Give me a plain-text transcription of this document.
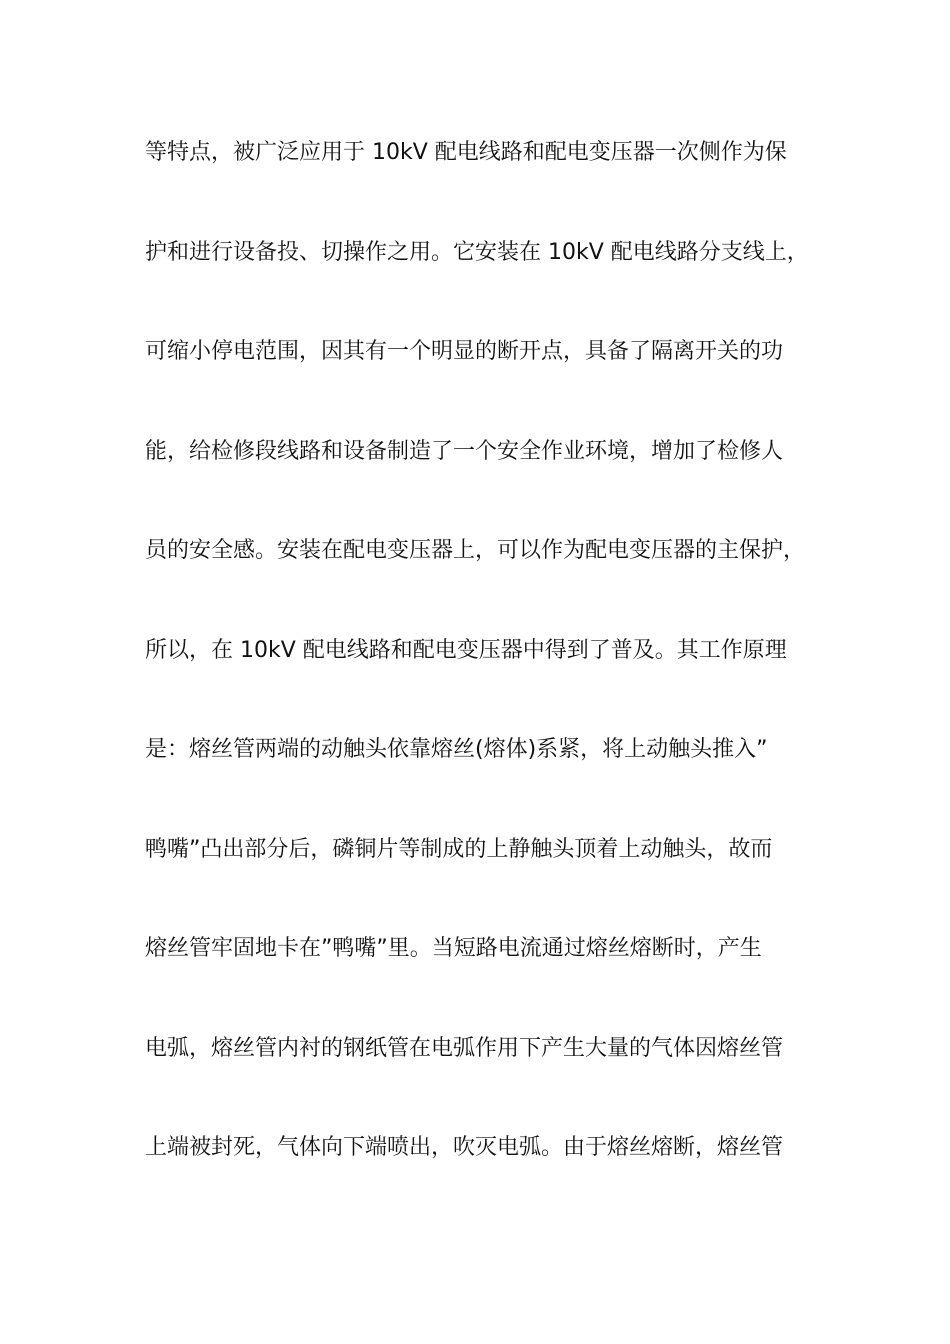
等特点，被广泛应用于 10kV 配电线路和配电变压器一次侧作为保
护和进行设备投、切操作之用。它安装在 10kV 配电线路分支线上，
可缩小停电范围，因其有一个明显的断开点，具备了隔离开关的功
能，给检修段线路和设备制造了一个安全作业环境，增加了检修人
员的安全感。安装在配电变压器上，可以作为配电变压器的主保护，
所以，在 10kV 配电线路和配电变压器中得到了普及。其工作原理
是：熔丝管两端的动触头依靠熔丝(熔体)系紧，将上动触头推入”
鸭嘴”凸出部分后，磷铜片等制成的上静触头顶着上动触头，故而
熔丝管牢固地卡在”鸭嘴”里。当短路电流通过熔丝熔断时，产生
电弧，熔丝管内衬的钢纸管在电弧作用下产生大量的气体因熔丝管
上端被封死，气体向下端喷出，吹灭电弧。由于熔丝熔断，熔丝管
